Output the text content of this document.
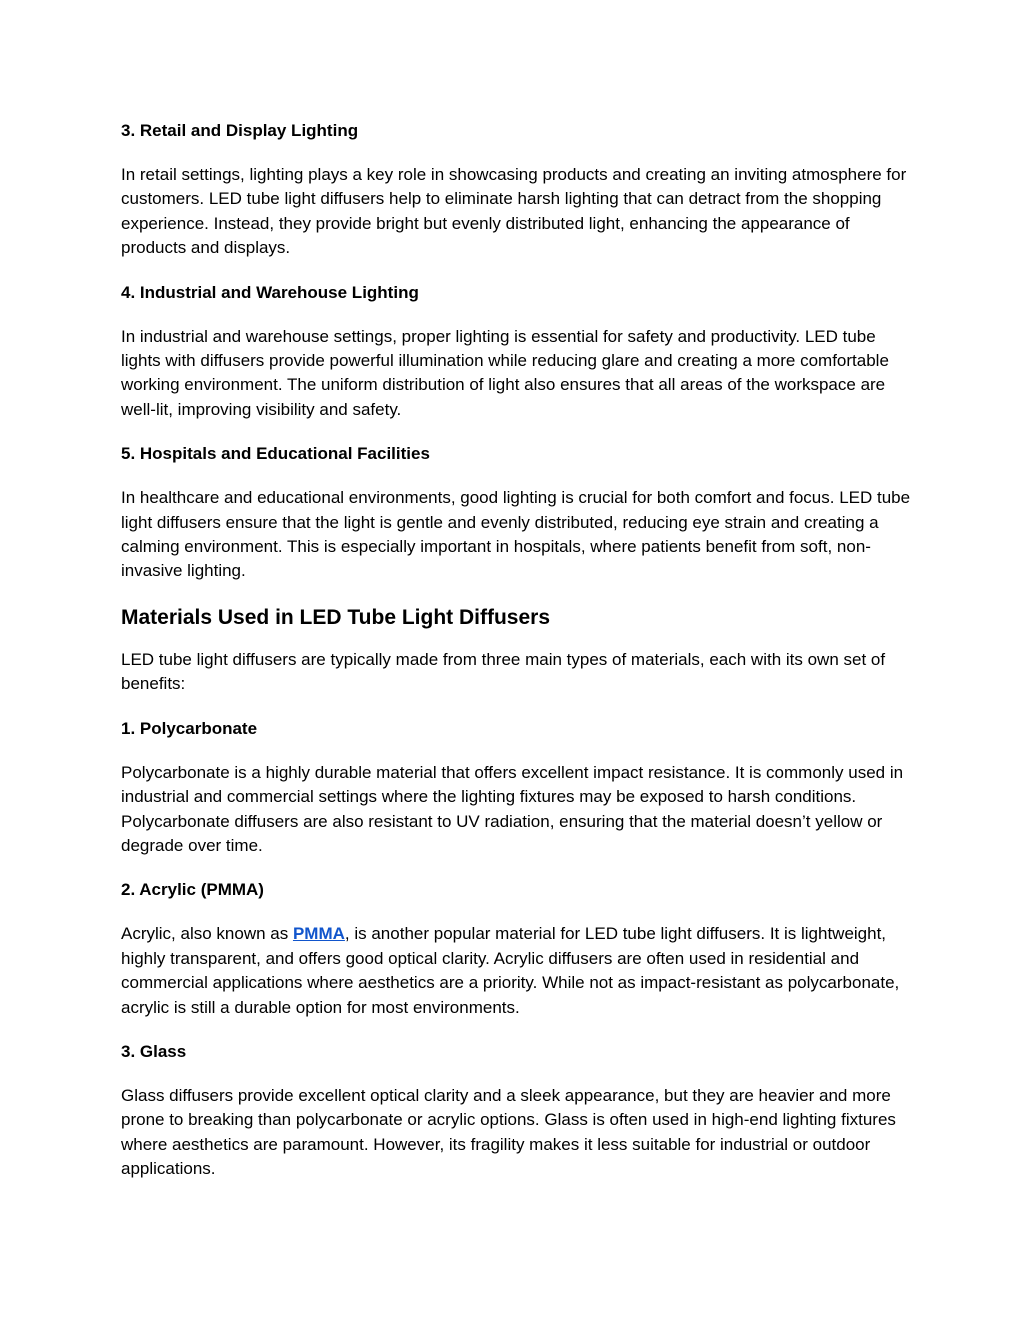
3. Retail and Display Lighting

In retail settings, lighting plays a key role in showcasing products and creating an inviting atmosphere for customers. LED tube light diffusers help to eliminate harsh lighting that can detract from the shopping experience. Instead, they provide bright but evenly distributed light, enhancing the appearance of products and displays.

4. Industrial and Warehouse Lighting

In industrial and warehouse settings, proper lighting is essential for safety and productivity. LED tube lights with diffusers provide powerful illumination while reducing glare and creating a more comfortable working environment. The uniform distribution of light also ensures that all areas of the workspace are well-lit, improving visibility and safety.

5. Hospitals and Educational Facilities

In healthcare and educational environments, good lighting is crucial for both comfort and focus. LED tube light diffusers ensure that the light is gentle and evenly distributed, reducing eye strain and creating a calming environment. This is especially important in hospitals, where patients benefit from soft, non-invasive lighting.

Materials Used in LED Tube Light Diffusers

LED tube light diffusers are typically made from three main types of materials, each with its own set of benefits:

1. Polycarbonate

Polycarbonate is a highly durable material that offers excellent impact resistance. It is commonly used in industrial and commercial settings where the lighting fixtures may be exposed to harsh conditions. Polycarbonate diffusers are also resistant to UV radiation, ensuring that the material doesn’t yellow or degrade over time.

2. Acrylic (PMMA)

Acrylic, also known as PMMA, is another popular material for LED tube light diffusers. It is lightweight, highly transparent, and offers good optical clarity. Acrylic diffusers are often used in residential and commercial applications where aesthetics are a priority. While not as impact-resistant as polycarbonate, acrylic is still a durable option for most environments.

3. Glass

Glass diffusers provide excellent optical clarity and a sleek appearance, but they are heavier and more prone to breaking than polycarbonate or acrylic options. Glass is often used in high-end lighting fixtures where aesthetics are paramount. However, its fragility makes it less suitable for industrial or outdoor applications.
